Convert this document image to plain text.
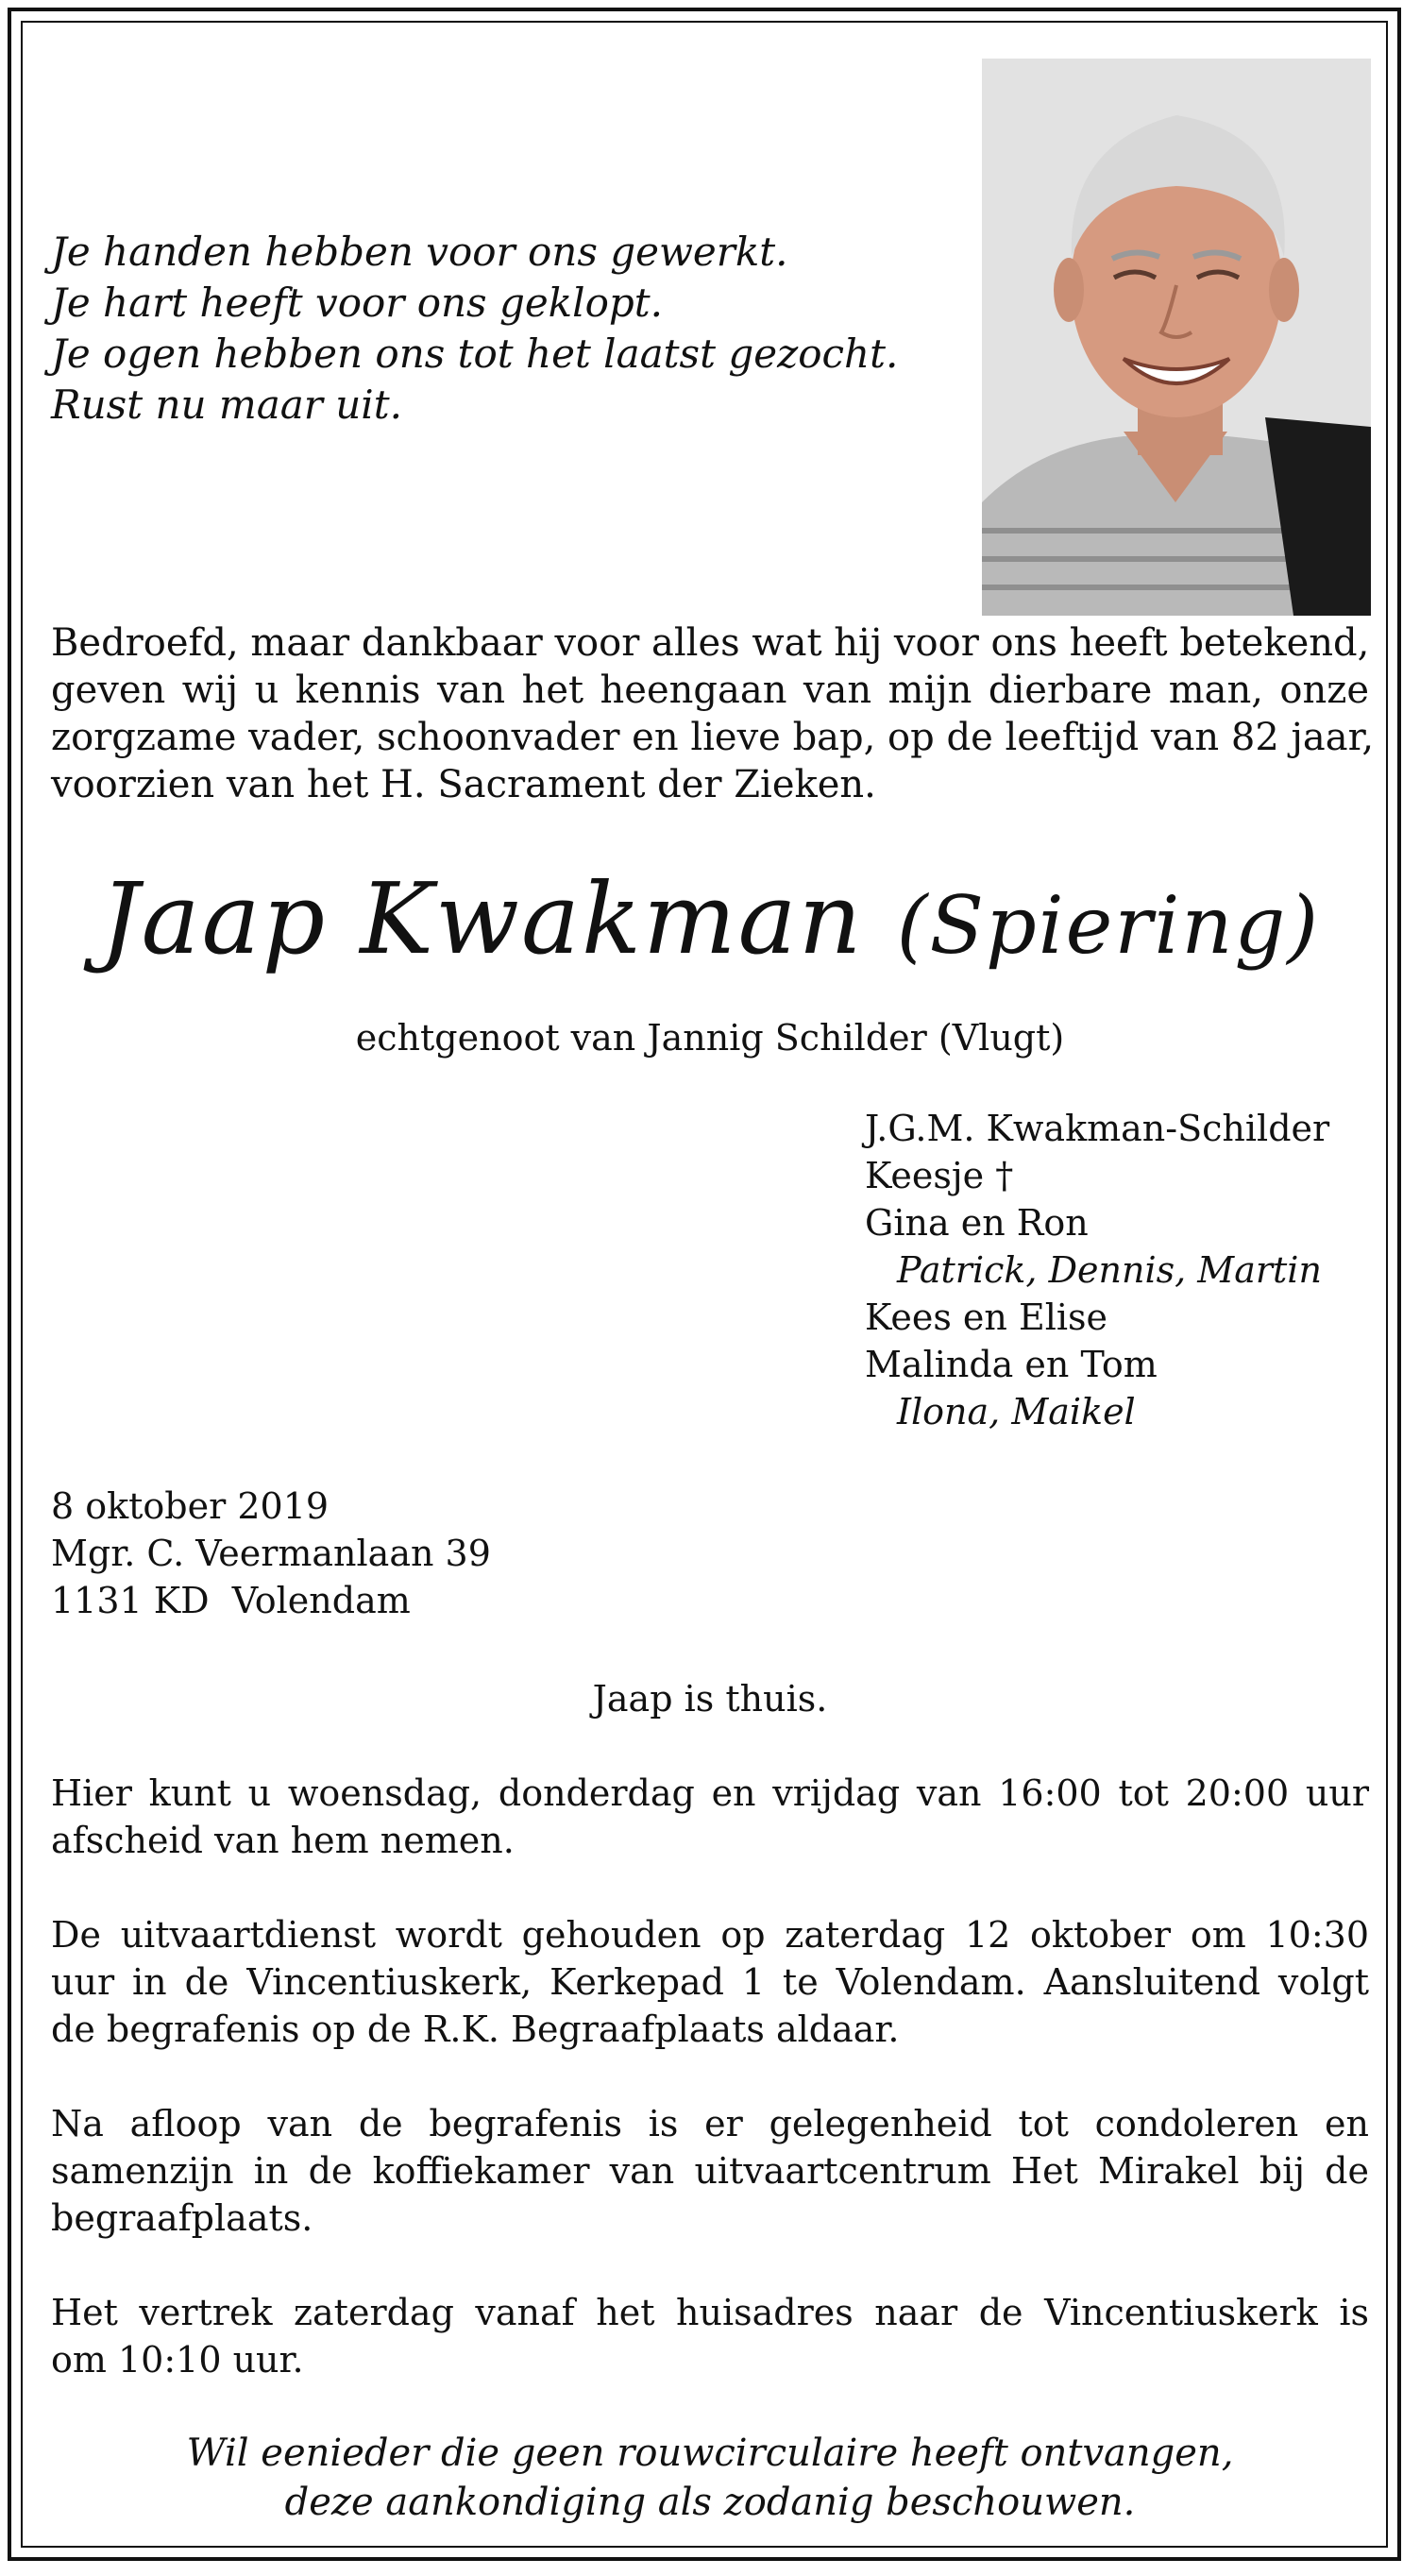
Je handen hebben voor ons gewerkt.
Je hart heeft voor ons geklopt.
Je ogen hebben ons tot het laatst gezocht.
Rust nu maar uit.
Bedroefd, maar dankbaar voor alles wat hij voor ons heeft betekend,
geven wij u kennis van het heengaan van mijn dierbare man, onze
zorgzame vader, schoonvader en lieve bap, op de leeftijd van 82 jaar,
voorzien van het H. Sacrament der Zieken.
Jaap Kwakman (Spiering)
echtgenoot van Jannig Schilder (Vlugt)
J.G.M. Kwakman-Schilder
Keesje †
Gina en Ron
Patrick, Dennis, Martin
Kees en Elise
Malinda en Tom
Ilona, Maikel
8 oktober 2019
Mgr. C. Veermanlaan 39
1131 KD  Volendam
Jaap is thuis.
Hier kunt u woensdag, donderdag en vrijdag van 16:00 tot 20:00 uur
afscheid van hem nemen.
De uitvaartdienst wordt gehouden op zaterdag 12 oktober om 10:30
uur in de Vincentiuskerk, Kerkepad 1 te Volendam. Aansluitend volgt
de begrafenis op de R.K. Begraafplaats aldaar.
Na afloop van de begrafenis is er gelegenheid tot condoleren en
samenzijn in de koffiekamer van uitvaartcentrum Het Mirakel bij de
begraafplaats.
Het vertrek zaterdag vanaf het huisadres naar de Vincentiuskerk is
om 10:10 uur.
Wil eenieder die geen rouwcirculaire heeft ontvangen,
deze aankondiging als zodanig beschouwen.
